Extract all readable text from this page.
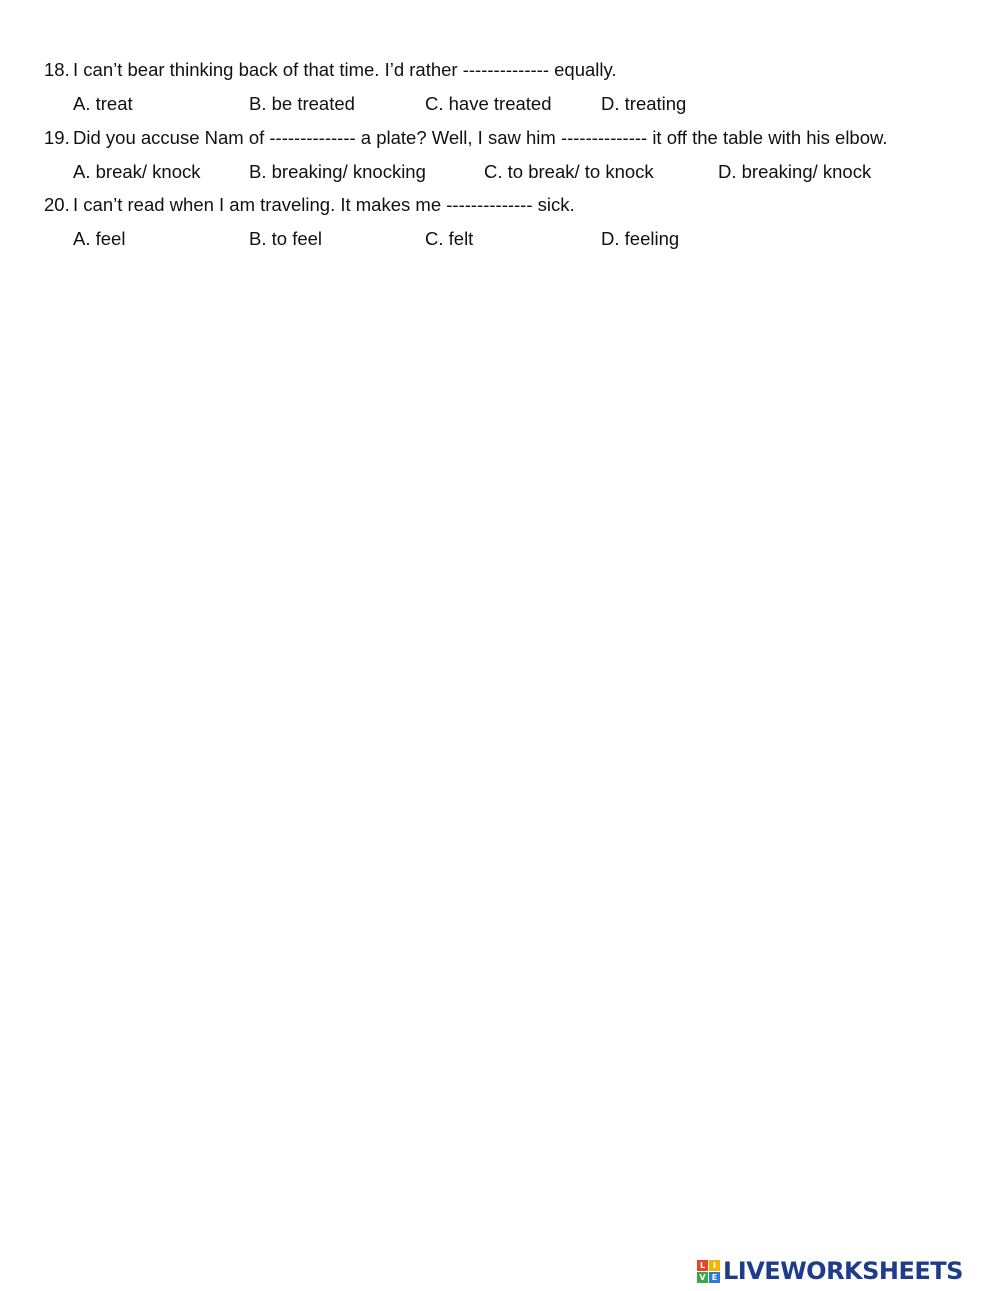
18. I can’t bear thinking back of that time. I’d rather -------------- equally.
A. treat	B. be treated	C. have treated	D. treating
19. Did you accuse Nam of -------------- a plate? Well, I saw him -------------- it off the table with his elbow.
A. break/ knock	B. breaking/ knocking	C. to break/ to knock	D. breaking/ knock
20. I can’t read when I am traveling. It makes me -------------- sick.
A. feel	B. to feel	C. felt	D. feeling
L I
V E LIVEWORKSHEETS
